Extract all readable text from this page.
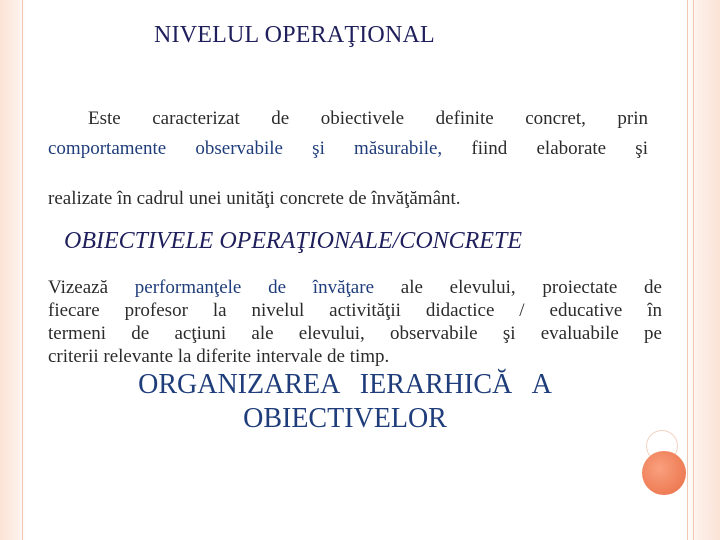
NIVELUL OPERAŢIONAL
Este caracterizat de obiectivele definite concret, prin
comportamente observabile şi măsurabile, fiind elaborate şi
realizate în cadrul unei unităţi concrete de învăţământ.
OBIECTIVELE OPERAŢIONALE/CONCRETE
Vizează performanţele de învăţare ale elevului, proiectate de
fiecare profesor la nivelul activităţii didactice / educative în
termeni de acţiuni ale elevului, observabile şi evaluabile pe
criterii relevante la diferite intervale de timp.
ORGANIZAREA IERARHICĂ A
OBIECTIVELOR
